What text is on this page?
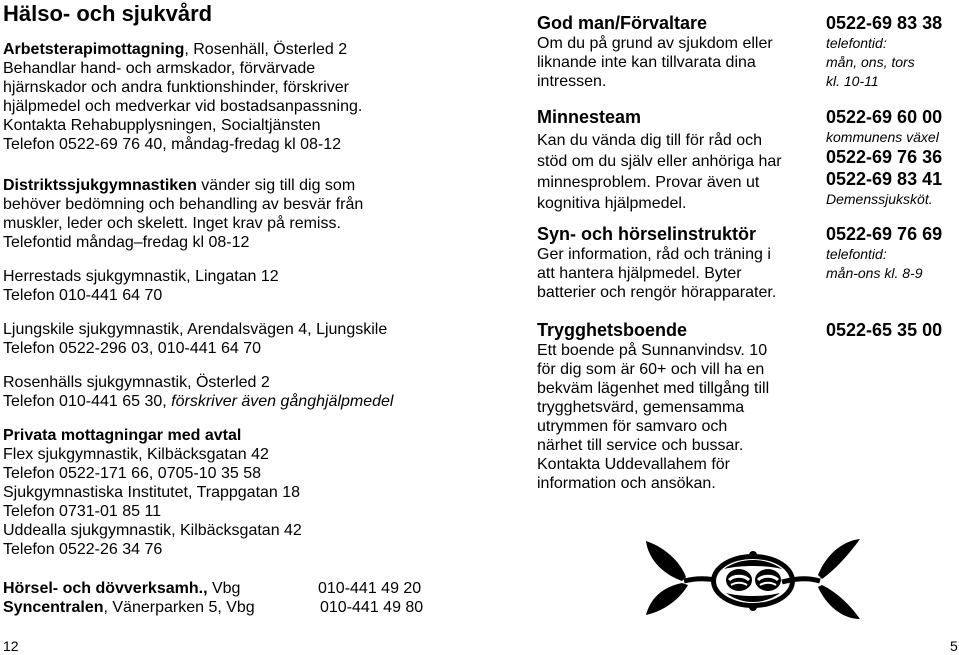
Hälso- och sjukvård
Arbetsterapimottagning, Rosenhäll, Österled 2
Behandlar hand- och armskador, förvärvade
hjärnskador och andra funktionshinder, förskriver
hjälpmedel och medverkar vid bostadsanpassning.
Kontakta Rehabupplysningen, Socialtjänsten
Telefon 0522-69 76 40, måndag-fredag kl 08-12
Distriktssjukgymnastiken vänder sig till dig som
behöver bedömning och behandling av besvär från
muskler, leder och skelett. Inget krav på remiss.
Telefontid måndag–fredag kl 08-12
Herrestads sjukgymnastik, Lingatan 12
Telefon 010-441 64 70
Ljungskile sjukgymnastik, Arendalsvägen 4, Ljungskile
Telefon 0522-296 03, 010-441 64 70
Rosenhälls sjukgymnastik, Österled 2
Telefon 010-441 65 30, förskriver även gånghjälpmedel
Privata mottagningar med avtal
Flex sjukgymnastik, Kilbäcksgatan 42
Telefon 0522-171 66, 0705-10 35 58
Sjukgymnastiska Institutet, Trappgatan 18
Telefon 0731-01 85 11
Uddealla sjukgymnastik, Kilbäcksgatan 42
Telefon 0522-26 34 76
Hörsel- och dövverksamh., Vbg	010-441 49 20
Syncentralen, Vänerparken 5, Vbg	010-441 49 80
12
God man/Förvaltare
Om du på grund av sjukdom eller
liknande inte kan tillvarata dina
intressen.
0522-69 83 38
telefontid:
mån, ons, tors
kl. 10-11
Minnesteam
Kan du vända dig till för råd och
stöd om du själv eller anhöriga har
minnesproblem. Provar även ut
kognitiva hjälpmedel.
0522-69 60 00
kommunens växel
0522-69 76 36
0522-69 83 41
Demenssjuksköt.
Syn- och hörselinstruktör
Ger information, råd och träning i
att hantera hjälpmedel. Byter
batterier och rengör hörapparater.
0522-69 76 69
telefontid:
mån-ons kl. 8-9
Trygghetsboende
Ett boende på Sunnanvindsv. 10
för dig som är 60+ och vill ha en
bekväm lägenhet med tillgång till
trygghetsvärd, gemensamma
utrymmen för samvaro och
närhet till service och bussar.
Kontakta Uddevallahem för
information och ansökan.
0522-65 35 00
5
